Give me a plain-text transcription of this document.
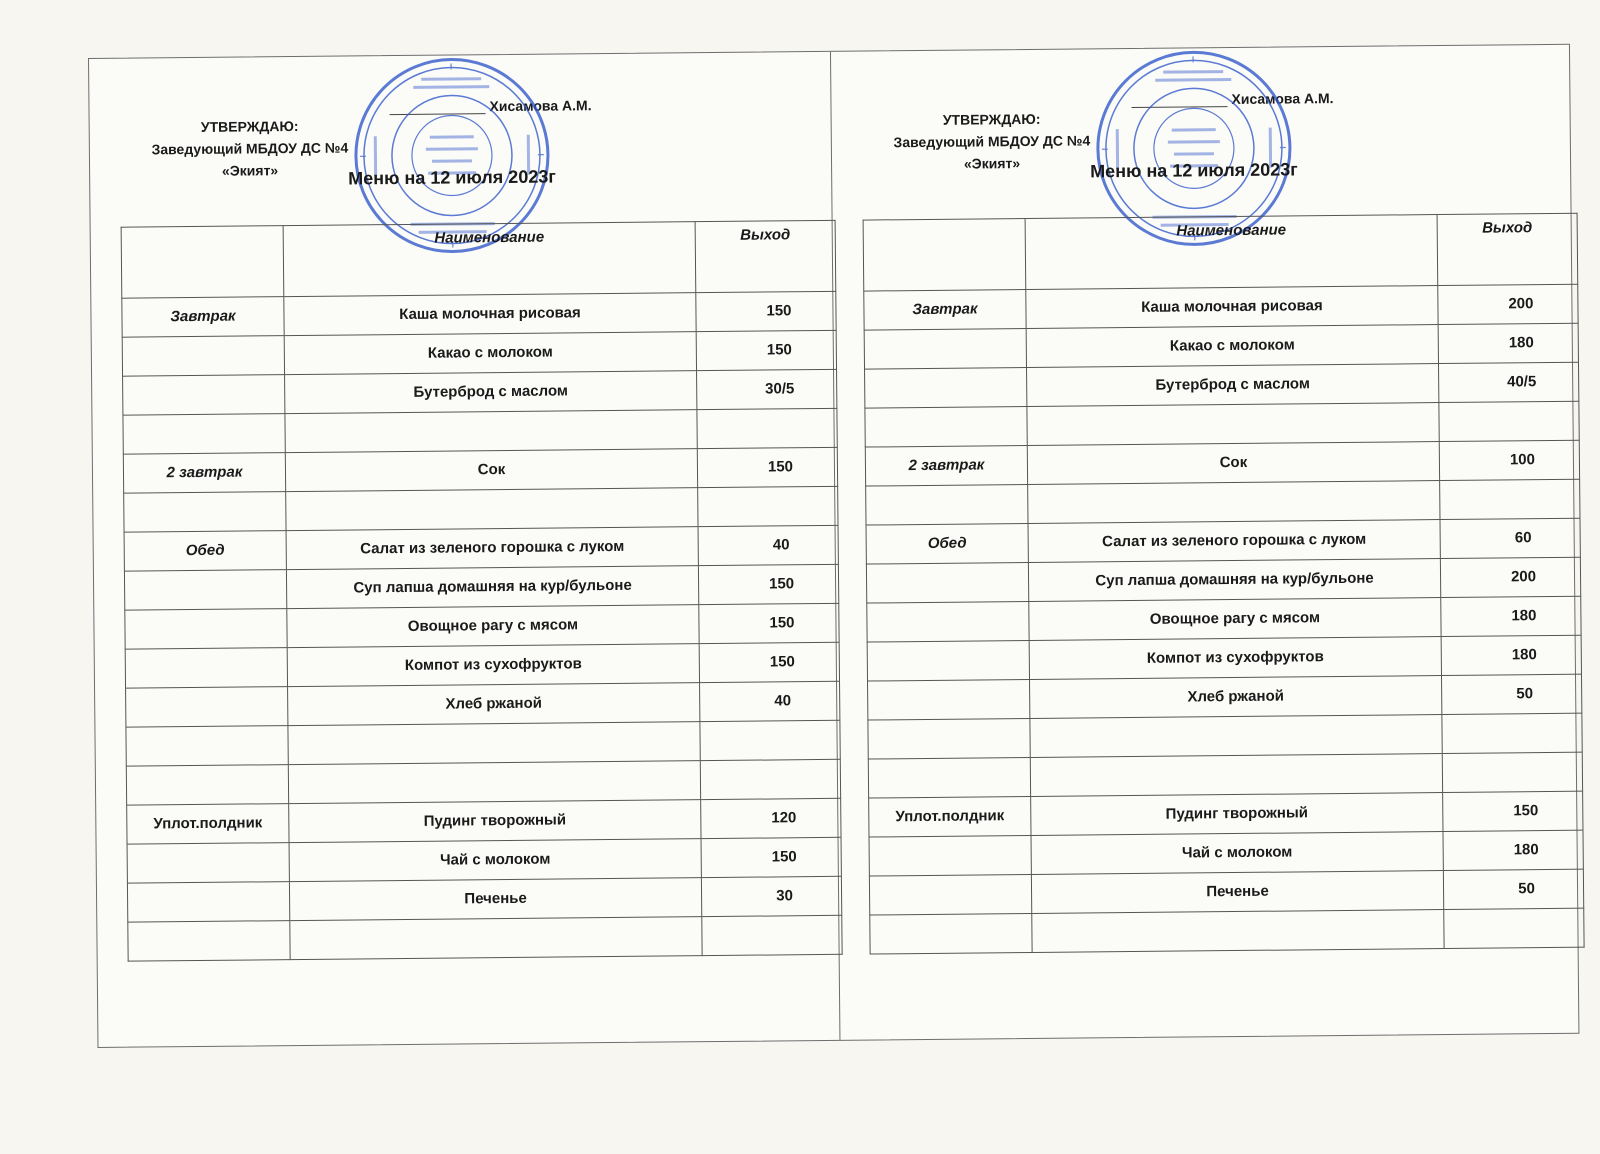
УТВЕРЖДАЮ:
Заведующий МБДОУ ДС №4
«Экият»
Хисамова А.М.
Меню на 12 июля 2023г
	Наименование	Выход
Завтрак	Каша молочная рисовая	150
	Какао с молоком	150
	Бутерброд с маслом	30/5

2 завтрак	Сок	150

Обед	Салат из зеленого горошка с луком	40
	Суп лапша домашняя на кур/бульоне	150
	Овощное рагу с мясом	150
	Компот из сухофруктов	150
	Хлеб ржаной	40

Уплот.полдник	Пудинг творожный	120
	Чай с молоком	150
	Печенье	30

УТВЕРЖДАЮ:
Заведующий МБДОУ ДС №4
«Экият»
Хисамова А.М.
Меню на 12 июля 2023г
	Наименование	Выход
Завтрак	Каша молочная рисовая	200
	Какао с молоком	180
	Бутерброд с маслом	40/5

2 завтрак	Сок	100

Обед	Салат из зеленого горошка с луком	60
	Суп лапша домашняя на кур/бульоне	200
	Овощное рагу с мясом	180
	Компот из сухофруктов	180
	Хлеб ржаной	50

Уплот.полдник	Пудинг творожный	150
	Чай с молоком	180
	Печенье	50
